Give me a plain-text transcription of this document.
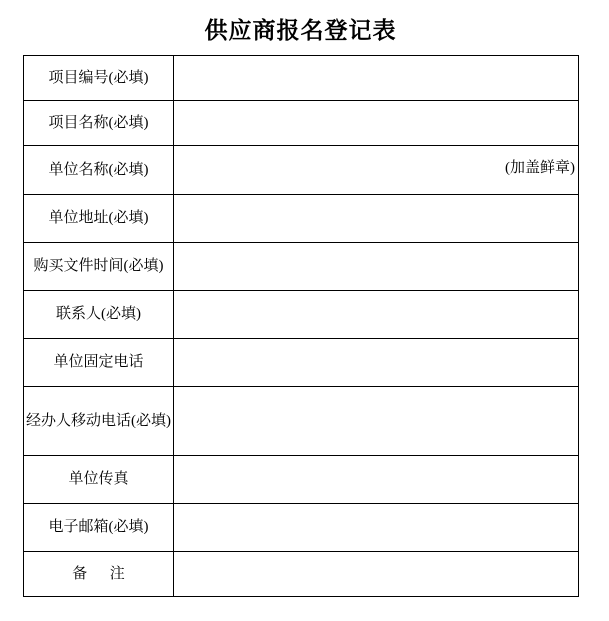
供应商报名登记表
项目编号(必填)	
项目名称(必填)	
单位名称(必填)	(加盖鲜章)
单位地址(必填)	
购买文件时间(必填)	
联系人(必填)	
单位固定电话	
经办人移动电话(必填)	
单位传真	
电子邮箱(必填)	
备      注	
